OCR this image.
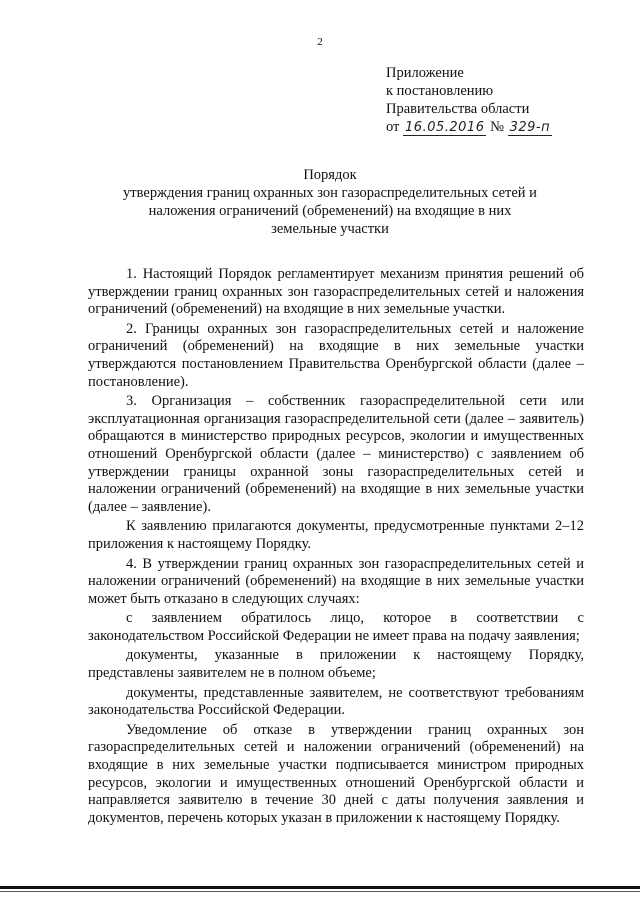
2
Приложение
к постановлению
Правительства области
от 16.05.2016 № 329-п
Порядок
утверждения границ охранных зон газораспределительных сетей и
наложения ограничений (обременений) на входящие в них
земельные участки

1. Настоящий Порядок регламентирует механизм принятия решений об утверждении границ охранных зон газораспределительных сетей и наложения ограничений (обременений) на входящие в них земельные участки.

2. Границы охранных зон газораспределительных сетей и наложение ограничений (обременений) на входящие в них земельные участки утверждаются постановлением Правительства Оренбургской области (далее – постановление).

3. Организация – собственник газораспределительной сети или эксплуатационная организация газораспределительной сети (далее – заявитель) обращаются в министерство природных ресурсов, экологии и имущественных отношений Оренбургской области (далее – министерство) с заявлением об утверждении границы охранной зоны газораспределительных сетей и наложении ограничений (обременений) на входящие в них земельные участки (далее – заявление).

К заявлению прилагаются документы, предусмотренные пунктами 2–12 приложения к настоящему Порядку.

4. В утверждении границ охранных зон газораспределительных сетей и наложении ограничений (обременений) на входящие в них земельные участки может быть отказано в следующих случаях:

с заявлением обратилось лицо, которое в соответствии с законодательством Российской Федерации не имеет права на подачу заявления;

документы, указанные в приложении к настоящему Порядку, представлены заявителем не в полном объеме;

документы, представленные заявителем, не соответствуют требованиям законодательства Российской Федерации.

Уведомление об отказе в утверждении границ охранных зон газораспределительных сетей и наложении ограничений (обременений) на входящие в них земельные участки подписывается министром природных ресурсов, экологии и имущественных отношений Оренбургской области и направляется заявителю в течение 30 дней с даты получения заявления и документов, перечень которых указан в приложении к настоящему Порядку.
